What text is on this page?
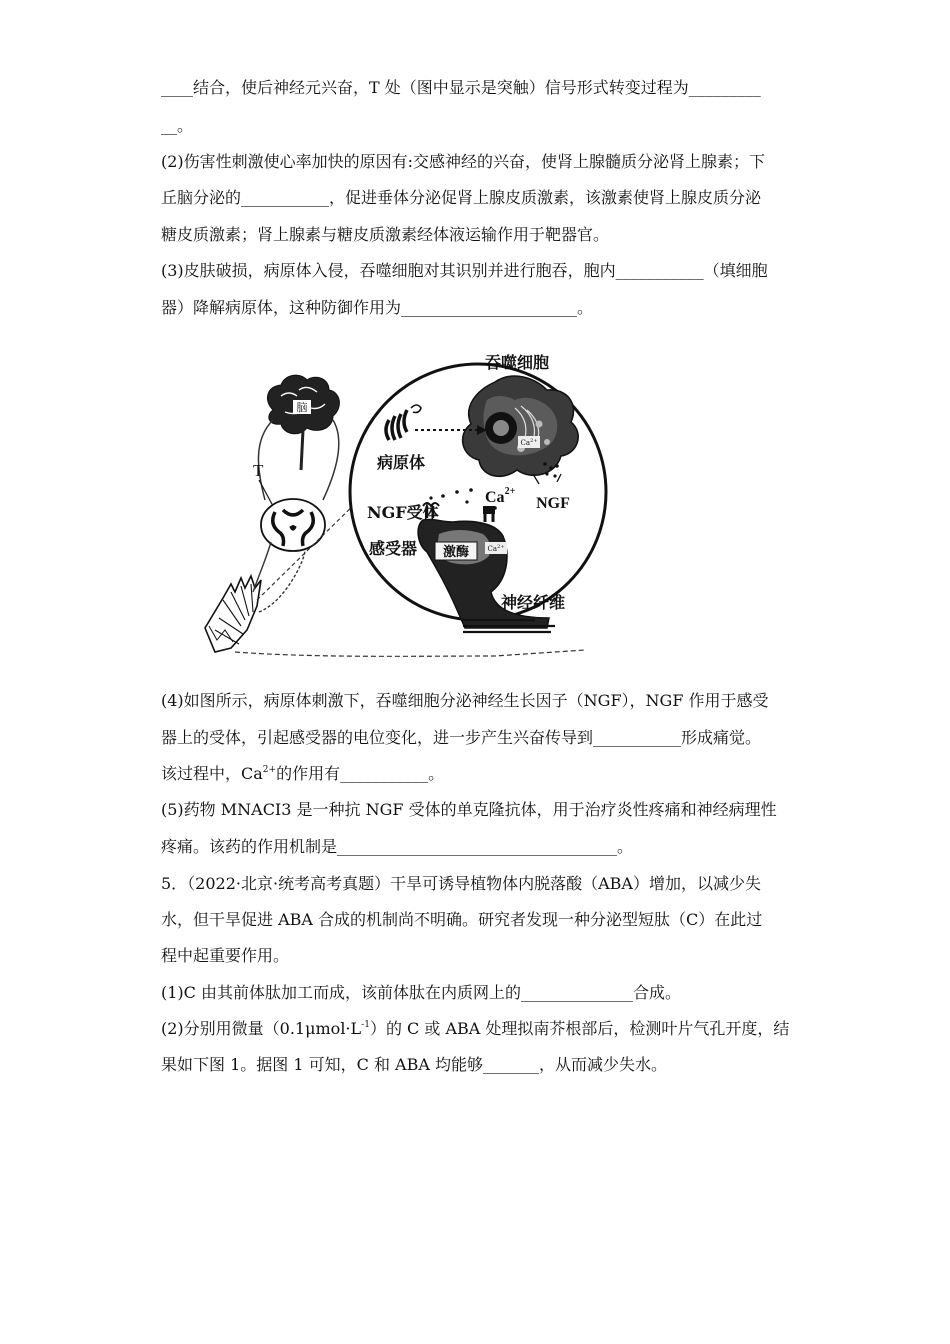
____结合，使后神经元兴奋，T 处（图中显示是突触）信号形式转变过程为_________
__。
(2)伤害性刺激使心率加快的原因有:交感神经的兴奋，使肾上腺髓质分泌肾上腺素；下
丘脑分泌的___________，促进垂体分泌促肾上腺皮质激素，该激素使肾上腺皮质分泌
糖皮质激素；肾上腺素与糖皮质激素经体液运输作用于靶器官。
(3)皮肤破损，病原体入侵，吞噬细胞对其识别并进行胞吞，胞内___________（填细胞
器）降解病原体，这种防御作用为______________________。
脑
T
$Ca^{2+}$
吞噬细胞
病原体
NGF
$Ca^{2+}$
激酶	$Ca^{2+}$
NGF受体
感受器
神经纤维
(4)如图所示，病原体刺激下，吞噬细胞分泌神经生长因子（NGF），NGF 作用于感受
器上的受体，引起感受器的电位变化，进一步产生兴奋传导到___________形成痛觉。
该过程中，$Ca^{2+}$的作用有___________。
(5)药物 MNACI3 是一种抗 NGF 受体的单克隆抗体，用于治疗炎性疼痛和神经病理性
疼痛。该药的作用机制是___________________________________。
5．（2022·北京·统考高考真题）干旱可诱导植物体内脱落酸（ABA）增加，以减少失
水，但干旱促进 ABA 合成的机制尚不明确。研究者发现一种分泌型短肽（C）在此过
程中起重要作用。
(1)C 由其前体肽加工而成，该前体肽在内质网上的______________合成。
(2)分别用微量$(0.1\mu mol\cdot L^{-1})$的 C 或 ABA 处理拟南芥根部后，检测叶片气孔开度，结
果如下图 1。据图 1 可知，C 和 ABA 均能够_______，从而减少失水。
